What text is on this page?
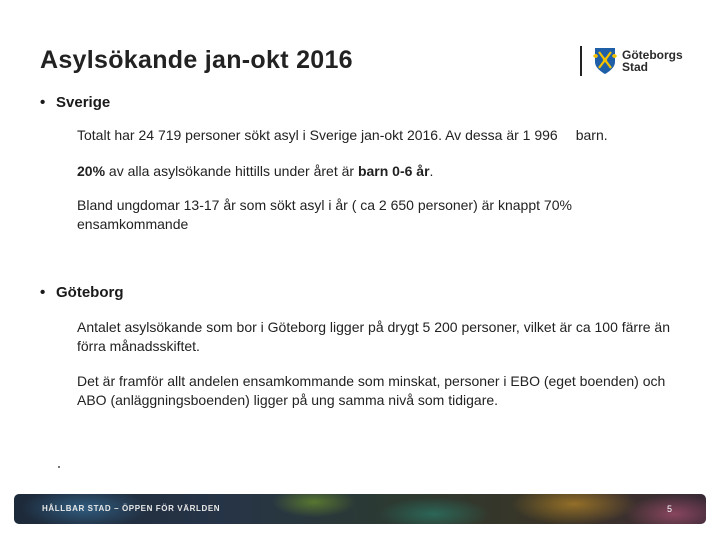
Asylsökande jan-okt 2016	Göteborgs
Stad
• Sverige
Totalt har 24 719 personer sökt asyl i Sverige jan-okt 2016. Av dessa är 1 996 barn.
20% av alla asylsökande hittills under året är barn 0-6 år.
Bland ungdomar 13-17 år som sökt asyl i år ( ca 2 650 personer) är knappt 70% ensamkommande
• Göteborg
Antalet asylsökande som bor i Göteborg ligger på drygt 5 200 personer, vilket är ca 100 färre än förra månadsskiftet.
Det är framför allt andelen ensamkommande som minskat, personer i EBO (eget boenden) och ABO (anläggningsboenden) ligger på ung samma nivå som tidigare.
HÅLLBAR STAD – ÖPPEN FÖR VÄRLDEN	5
